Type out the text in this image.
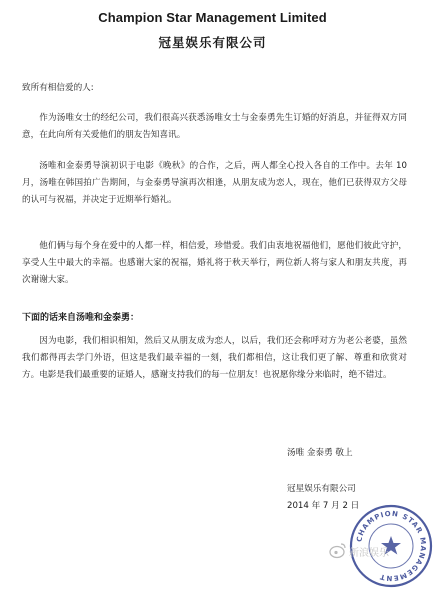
Champion Star Management Limited
冠星娱乐有限公司

致所有相信爱的人:

作为汤唯女士的经纪公司，我们很高兴获悉汤唯女士与金泰勇先生订婚的好消息，并征得双方同意，在此向所有关爱他们的朋友告知喜讯。

汤唯和金泰勇导演初识于电影《晚秋》的合作，之后，两人都全心投入各自的工作中。去年 10 月，汤唯在韩国拍广告期间，与金泰勇导演再次相逢，从朋友成为恋人，现在，他们已获得双方父母的认可与祝福，并决定于近期举行婚礼。

他们俩与每个身在爱中的人都一样，相信爱，珍惜爱。我们由衷地祝福他们，愿他们彼此守护，享受人生中最大的幸福。也感谢大家的祝福，婚礼将于秋天举行，两位新人将与家人和朋友共度，再次谢谢大家。

下面的话来自汤唯和金泰勇：

因为电影，我们相识相知，然后又从朋友成为恋人，以后，我们还会称呼对方为老公老婆，虽然我们都得再去学门外语，但这是我们最幸福的一刻，我们都相信，这让我们更了解、尊重和欣赏对方。电影是我们最重要的证婚人，感谢支持我们的每一位朋友！也祝愿你缘分来临时，绝不错过。

汤唯 金泰勇 敬上
冠星娱乐有限公司
2014 年 7 月 2 日
CHAMPION STAR MANAGEMENT
新浪娱乐
